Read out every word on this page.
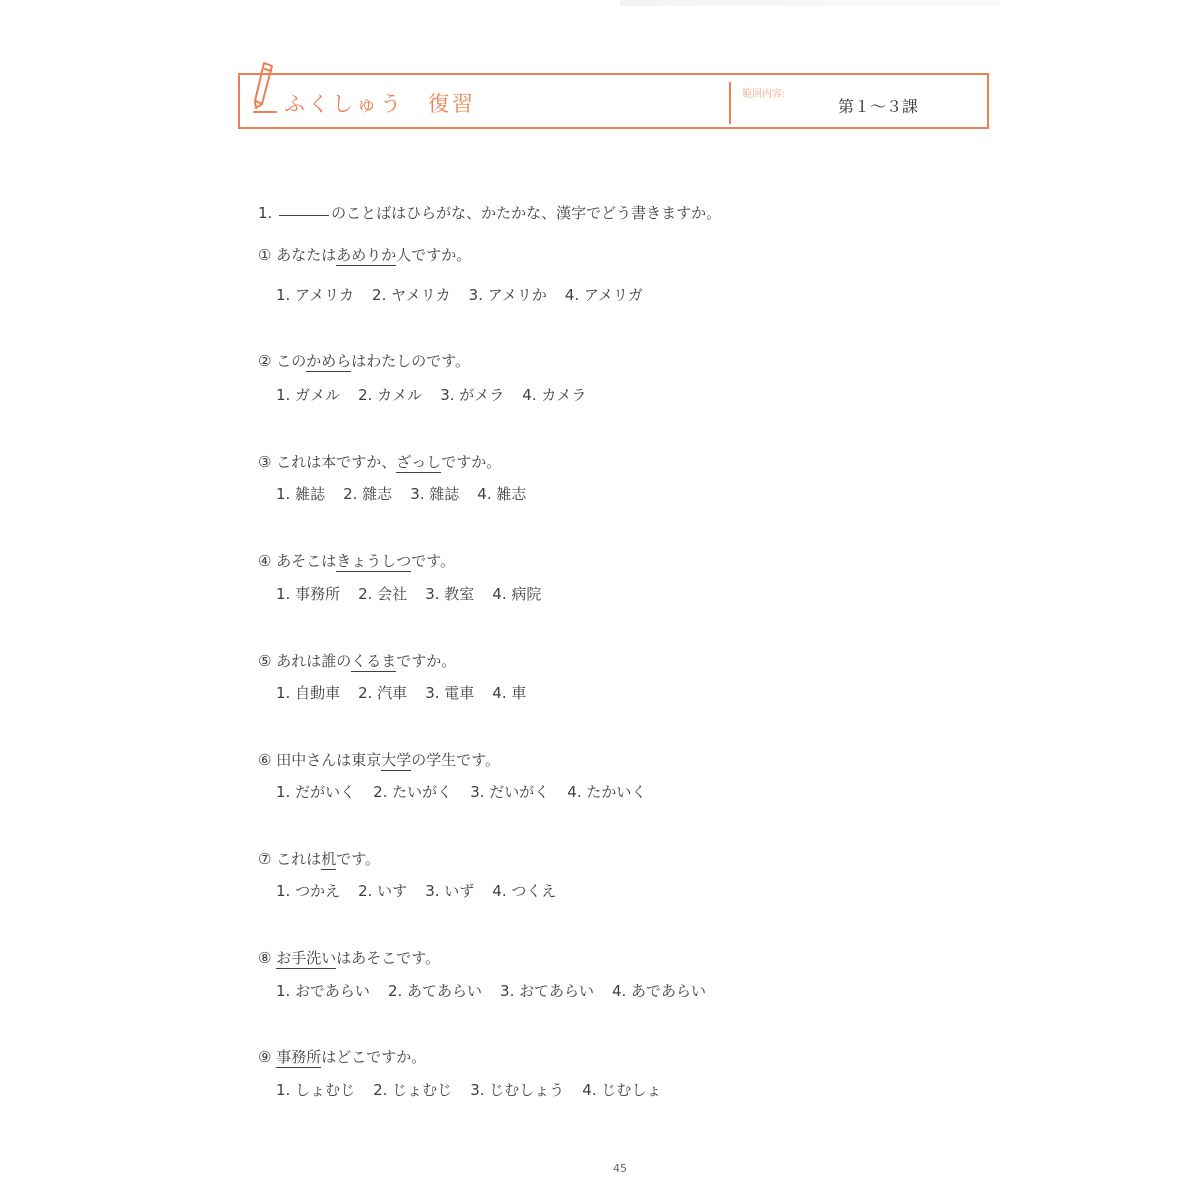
ふくしゅう　復習	範囲内容:
第１～３課
1.	のことばはひらがな、かたかな、漢字でどう書きますか。
① あなたはあめりか人ですか。
1. アメリカ 2. ヤメリカ 3. アメリか 4. アメリガ
② このかめらはわたしのです。
1. ガメル 2. カメル 3. がメラ 4. カメラ
③ これは本ですか、ざっしですか。
1. 雑誌 2. 雜志 3. 雜誌 4. 雑志
④ あそこはきょうしつです。
1. 事務所 2. 会社 3. 教室 4. 病院
⑤ あれは誰のくるまですか。
1. 自動車 2. 汽車 3. 電車 4. 車
⑥ 田中さんは東京大学の学生です。
1. だがいく 2. たいがく 3. だいがく 4. たかいく
⑦ これは机です。
1. つかえ 2. いす 3. いず 4. つくえ
⑧ お手洗いはあそこです。
1. おであらい 2. あてあらい 3. おてあらい 4. あであらい
⑨ 事務所はどこですか。
1. しょむじ 2. じょむじ 3. じむしょう 4. じむしょ
45
